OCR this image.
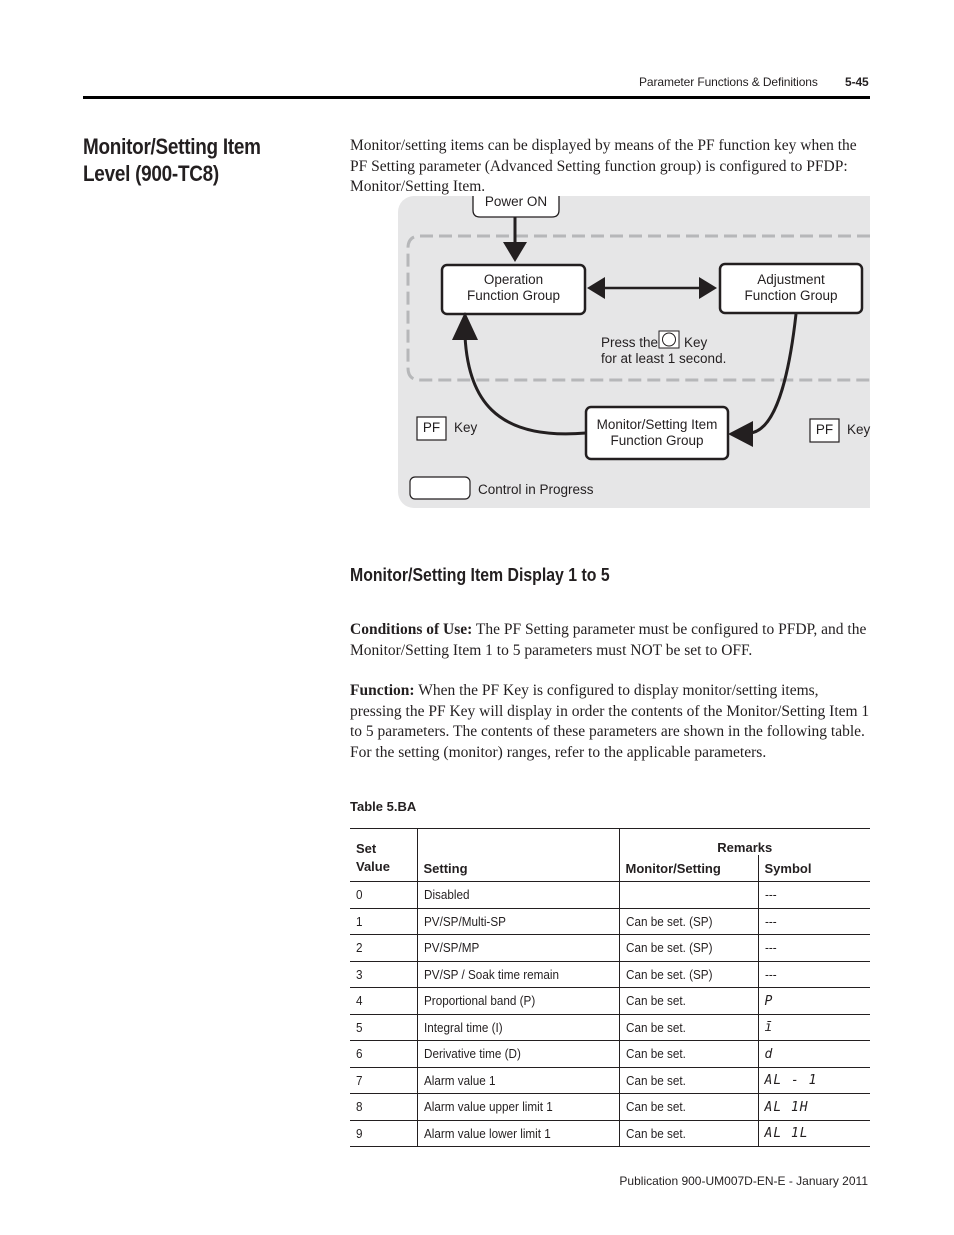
Parameter Functions & Definitions 5-45
Monitor/Setting Item Level (900-TC8)
Monitor/setting items can be displayed by means of the PF function key when the PF Setting parameter (Advanced Setting function group) is configured to PFDP: Monitor/Setting Item.
Power ON
Operation
Function Group
Adjustment
Function Group
Press the Key
for at least 1 second.
Monitor/Setting Item
Function Group
PF	Key	PF	Key
Control in Progress
Monitor/Setting Item Display 1 to 5
Conditions of Use: The PF Setting parameter must be configured to PFDP, and the Monitor/Setting Item 1 to 5 parameters must NOT be set to OFF.
Function: When the PF Key is configured to display monitor/setting items, pressing the PF Key will display in order the contents of the Monitor/Setting Item 1 to 5 parameters. The contents of these parameters are shown in the following table. For the setting (monitor) ranges, refer to the applicable parameters.
Table 5.BA
Set Value	Setting	Remarks	
		Monitor/Setting	Symbol
0	Disabled		---
1	PV/SP/Multi-SP	Can be set. (SP)	---
2	PV/SP/MP	Can be set. (SP)	---
3	PV/SP / Soak time remain	Can be set. (SP)	---
4	Proportional band (P)	Can be set.	P
5	Integral time (I)	Can be set.	ī
6	Derivative time (D)	Can be set.	d
7	Alarm value 1	Can be set.	AL - 1
8	Alarm value upper limit 1	Can be set.	AL 1H
9	Alarm value lower limit 1	Can be set.	AL 1L
Publication 900-UM007D-EN-E - January 2011
